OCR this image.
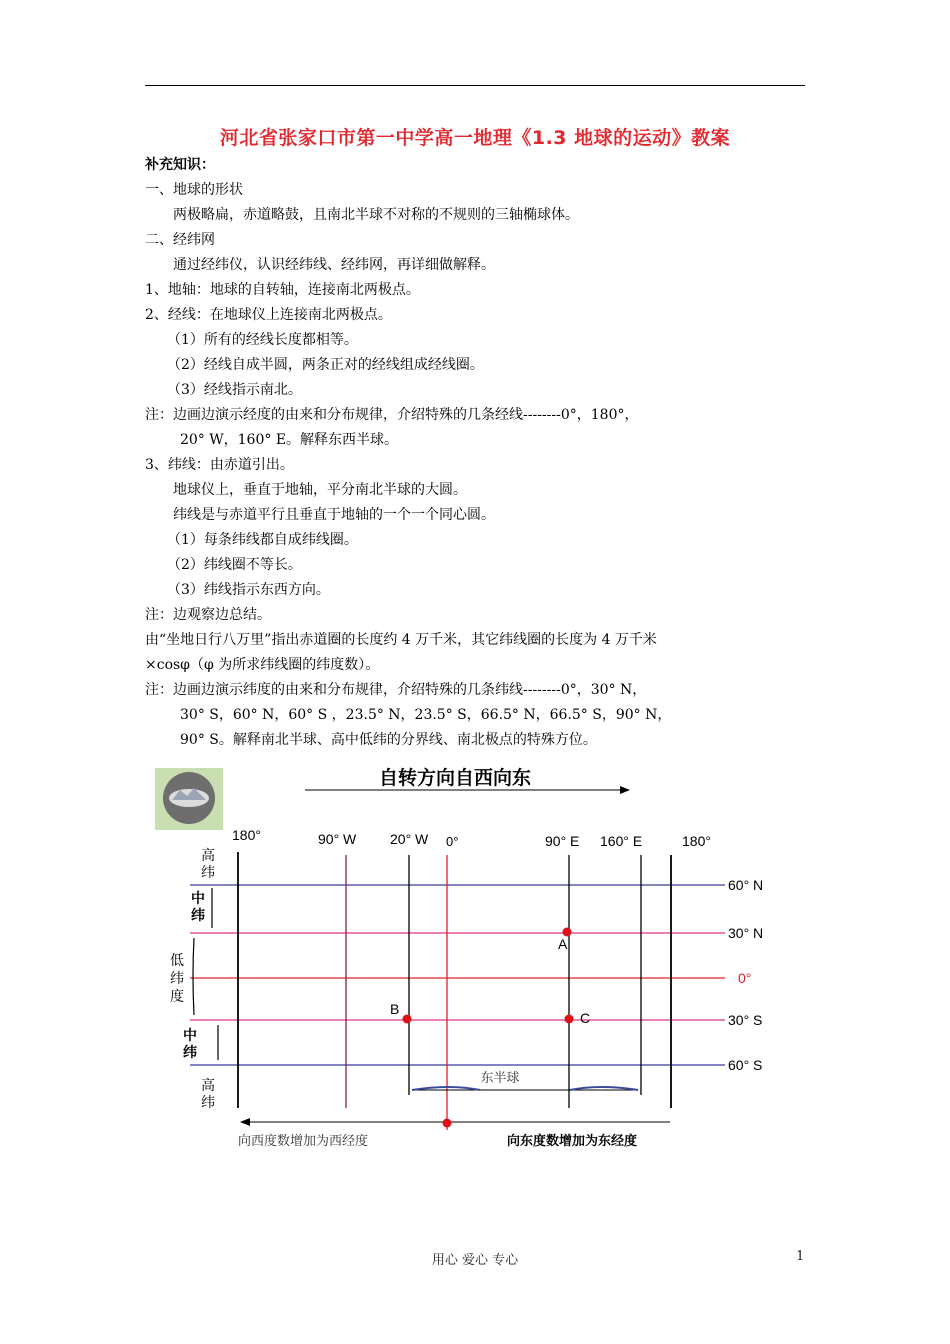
河北省张家口市第一中学高一地理《1.3 地球的运动》教案
补充知识：
一、地球的形状
两极略扁，赤道略鼓，且南北半球不对称的不规则的三轴椭球体。
二、经纬网
通过经纬仪，认识经纬线、经纬网，再详细做解释。
1、地轴：地球的自转轴，连接南北两极点。
2、经线：在地球仪上连接南北两极点。
（1）所有的经线长度都相等。
（2）经线自成半圆，两条正对的经线组成经线圈。
（3）经线指示南北。
注：边画边演示经度的由来和分布规律，介绍特殊的几条经线--------0°，180°，
20° W，160° E。解释东西半球。
3、纬线：由赤道引出。
地球仪上，垂直于地轴，平分南北半球的大圆。
纬线是与赤道平行且垂直于地轴的一个一个同心圆。
（1）每条纬线都自成纬线圈。
（2）纬线圈不等长。
（3）纬线指示东西方向。
注：边观察边总结。
由“坐地日行八万里”指出赤道圈的长度约 4 万千米，其它纬线圈的长度为 4 万千米
×cosφ（φ 为所求纬线圈的纬度数）。
注：边画边演示纬度的由来和分布规律，介绍特殊的几条纬线--------0°，30° N，
30° S，60° N，60° S ，23.5° N，23.5° S，66.5° N，66.5° S，90° N，
90° S。解释南北半球、高中低纬的分界线、南北极点的特殊方位。
自转方向自西向东
180°	90° W 20° W 0°	90° E 160° E	180°
60° N
30° N
0°
30° S
60° S
高纬
中纬
低纬度
中纬
高纬
A
B
C
东半球
向西度数增加为西经度	向东度数增加为东经度
用心 爱心 专心	1
